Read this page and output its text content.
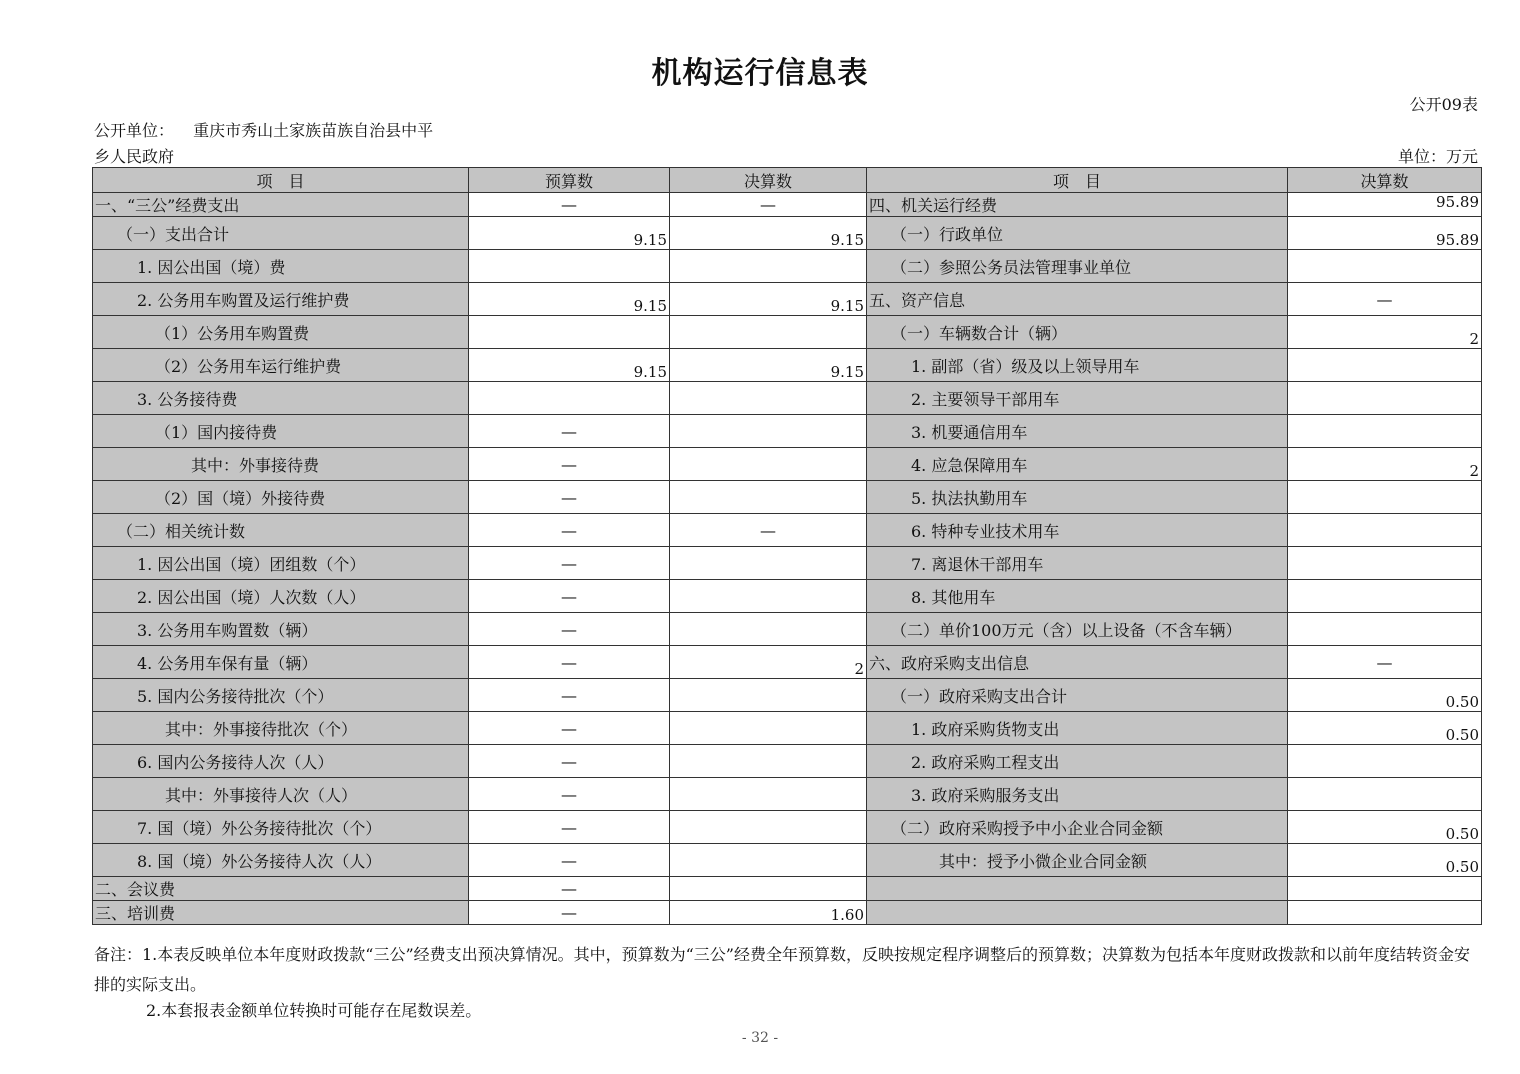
机构运行信息表
公开09表
公开单位： 重庆市秀山土家族苗族自治县中平
乡人民政府	单位：万元
项　目	预算数	决算数	项　目	决算数
一、“三公”经费支出	—	—	四、机关运行经费	95.89
（一）支出合计	9.15	9.15	（一）行政单位	95.89
1. 因公出国（境）费			（二）参照公务员法管理事业单位	
2. 公务用车购置及运行维护费	9.15	9.15	五、资产信息	—
（1）公务用车购置费			（一）车辆数合计（辆）	2
（2）公务用车运行维护费	9.15	9.15	1. 副部（省）级及以上领导用车	
3. 公务接待费			2. 主要领导干部用车	
（1）国内接待费	—		3. 机要通信用车	
其中：外事接待费	—		4. 应急保障用车	2
（2）国（境）外接待费	—		5. 执法执勤用车	
（二）相关统计数	—	—	6. 特种专业技术用车	
1. 因公出国（境）团组数（个）	—		7. 离退休干部用车	
2. 因公出国（境）人次数（人）	—		8. 其他用车	
3. 公务用车购置数（辆）	—		（二）单价100万元（含）以上设备（不含车辆）	
4. 公务用车保有量（辆）	—	2	六、政府采购支出信息	—
5. 国内公务接待批次（个）	—		（一）政府采购支出合计	0.50
其中：外事接待批次（个）	—		1. 政府采购货物支出	0.50
6. 国内公务接待人次（人）	—		2. 政府采购工程支出	
其中：外事接待人次（人）	—		3. 政府采购服务支出	
7. 国（境）外公务接待批次（个）	—		（二）政府采购授予中小企业合同金额	0.50
8. 国（境）外公务接待人次（人）	—		其中：授予小微企业合同金额	0.50
二、会议费	—			
三、培训费	—	1.60		
备注：1.本表反映单位本年度财政拨款“三公”经费支出预决算情况。其中，预算数为“三公”经费全年预算数，反映按规定程序调整后的预算数；决算数为包括本年度财政拨款和以前年度结转资金安排的实际支出。
2.本套报表金额单位转换时可能存在尾数误差。
- 32 -
